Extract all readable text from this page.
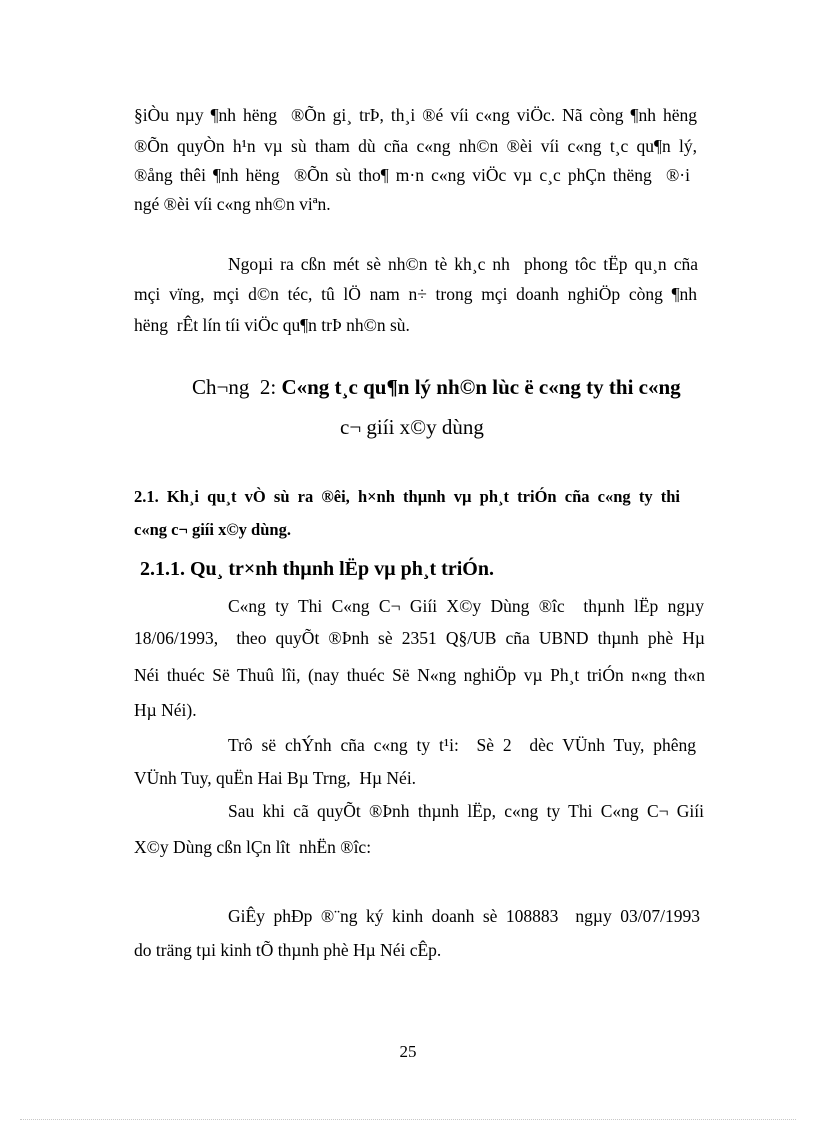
§iÒu nµy ¶nh hëng  ®Õn gi¸ trÞ, th¸i ®é víi c«ng viÖc. Nã còng ¶nh hëng
®Õn quyÒn h¹n vµ sù tham dù cña c«ng nh©n ®èi víi c«ng t¸c qu¶n lý,
®ång thêi ¶nh hëng  ®Õn sù tho¶ m·n c«ng viÖc vµ c¸c phÇn thëng  ®·i
ngé ®èi víi c«ng nh©n viªn.
Ngoµi ra cßn mét sè nh©n tè kh¸c nh  phong tôc tËp qu¸n cña
mçi vïng, mçi d©n téc, tû lÖ nam n÷ trong mçi doanh nghiÖp còng ¶nh
hëng  rÊt lín tíi viÖc qu¶n trÞ nh©n sù.
Ch¬ng  2: C«ng t¸c qu¶n lý nh©n lùc ë c«ng ty thi c«ng
c¬ giíi x©y dùng
2.1. Kh¸i qu¸t vÒ sù ra ®êi, h×nh thµnh vµ ph¸t triÓn cña c«ng ty thi
c«ng c¬ giíi x©y dùng.
2.1.1. Qu¸ tr×nh thµnh lËp vµ ph¸t triÓn.
C«ng ty Thi C«ng C¬ Giíi X©y Dùng ®îc  thµnh lËp ngµy
18/06/1993,  theo quyÕt ®Þnh sè 2351 Q§/UB cña UBND thµnh phè Hµ
Néi thuéc Së Thuû lîi, (nay thuéc Së N«ng nghiÖp vµ Ph¸t triÓn n«ng th«n
Hµ Néi).
Trô së chÝnh cña c«ng ty t¹i:  Sè 2  dèc VÜnh Tuy, phêng
VÜnh Tuy, quËn Hai Bµ Trng,  Hµ Néi.
Sau khi cã quyÕt ®Þnh thµnh lËp, c«ng ty Thi C«ng C¬ Giíi
X©y Dùng cßn lÇn lît  nhËn ®îc:
GiÊy phÐp ®¨ng ký kinh doanh sè 108883  ngµy 03/07/1993
do träng tµi kinh tÕ thµnh phè Hµ Néi cÊp.
25
